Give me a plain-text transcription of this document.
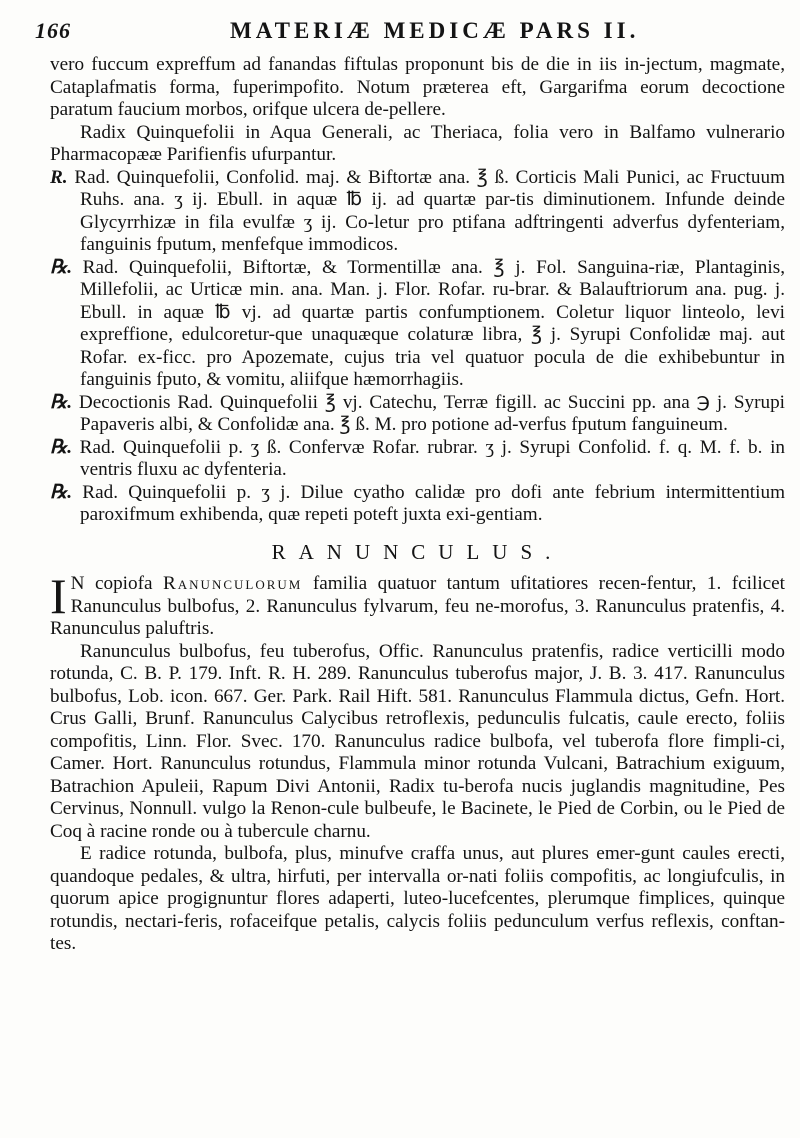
166	MATERIÆ MEDICÆ PARS II.

vero fuccum expreffum ad fanandas fiftulas proponunt bis de die in iis in-jectum, magmate, Cataplafmatis forma, fuperimpofito. Notum præterea eft, Gargarifma eorum decoctione paratum faucium morbos, orifque ulcera de-pellere.

Radix Quinquefolii in Aqua Generali, ac Theriaca, folia vero in Balfamo vulnerario Pharmacopææ Parifienfis ufurpantur.

R. Rad. Quinquefolii, Confolid. maj. & Biftortæ ana. ℥ ß. Corticis Mali Punici, ac Fructuum Ruhs. ana. ʒ ij. Ebull. in aquæ ℔ ij. ad quartæ par-tis diminutionem. Infunde deinde Glycyrrhizæ in fila evulfæ ʒ ij. Co-letur pro ptifana adftringenti adverfus dyfenteriam, fanguinis fputum, menfefque immodicos.

℞. Rad. Quinquefolii, Biftortæ, & Tormentillæ ana. ℥ j. Fol. Sanguina-riæ, Plantaginis, Millefolii, ac Urticæ min. ana. Man. j. Flor. Rofar. ru-brar. & Balauftriorum ana. pug. j. Ebull. in aquæ ℔ vj. ad quartæ partis confumptionem. Coletur liquor linteolo, levi expreffione, edulcoretur-que unaquæque colaturæ libra, ℥ j. Syrupi Confolidæ maj. aut Rofar. ex-ficc. pro Apozemate, cujus tria vel quatuor pocula de die exhibebuntur in fanguinis fputo, & vomitu, aliifque hæmorrhagiis.

℞. Decoctionis Rad. Quinquefolii ℥ vj. Catechu, Terræ figill. ac Succini pp. ana ℈ j. Syrupi Papaveris albi, & Confolidæ ana. ℥ ß. M. pro potione ad-verfus fputum fanguineum.

℞. Rad. Quinquefolii p. ʒ ß. Confervæ Rofar. rubrar. ʒ j. Syrupi Confolid. f. q. M. f. b. in ventris fluxu ac dyfenteria.

℞. Rad. Quinquefolii p. ʒ j. Dilue cyatho calidæ pro dofi ante febrium intermittentium paroxifmum exhibenda, quæ repeti poteft juxta exi-gentiam.

RANUNCULUS.

I N copiofa Ranunculorum familia quatuor tantum ufitatiores recen-fentur, 1. fcilicet Ranunculus bulbofus, 2. Ranunculus fylvarum, feu ne-morofus, 3. Ranunculus pratenfis, 4. Ranunculus paluftris.

Ranunculus bulbofus, feu tuberofus, Offic. Ranunculus pratenfis, radice verticilli modo rotunda, C. B. P. 179. Inft. R. H. 289. Ranunculus tuberofus major, J. B. 3. 417. Ranunculus bulbofus, Lob. icon. 667. Ger. Park. Rail Hift. 581. Ranunculus Flammula dictus, Gefn. Hort. Crus Galli, Brunf. Ranunculus Calycibus retroflexis, pedunculis fulcatis, caule erecto, foliis compofitis, Linn. Flor. Svec. 170. Ranunculus radice bulbofa, vel tuberofa flore fimpli-ci, Camer. Hort. Ranunculus rotundus, Flammula minor rotunda Vulcani, Batrachium exiguum, Batrachion Apuleii, Rapum Divi Antonii, Radix tu-berofa nucis juglandis magnitudine, Pes Cervinus, Nonnull. vulgo la Renon-cule bulbeufe, le Bacinete, le Pied de Corbin, ou le Pied de Coq à racine ronde ou à tubercule charnu.

E radice rotunda, bulbofa, plus, minufve craffa unus, aut plures emer-gunt caules erecti, quandoque pedales, & ultra, hirfuti, per intervalla or-nati foliis compofitis, ac longiufculis, in quorum apice progignuntur flores adaperti, luteo-lucefcentes, plerumque fimplices, quinque rotundis, nectari-feris, rofaceifque petalis, calycis foliis pedunculum verfus reflexis, conftan-tes.
